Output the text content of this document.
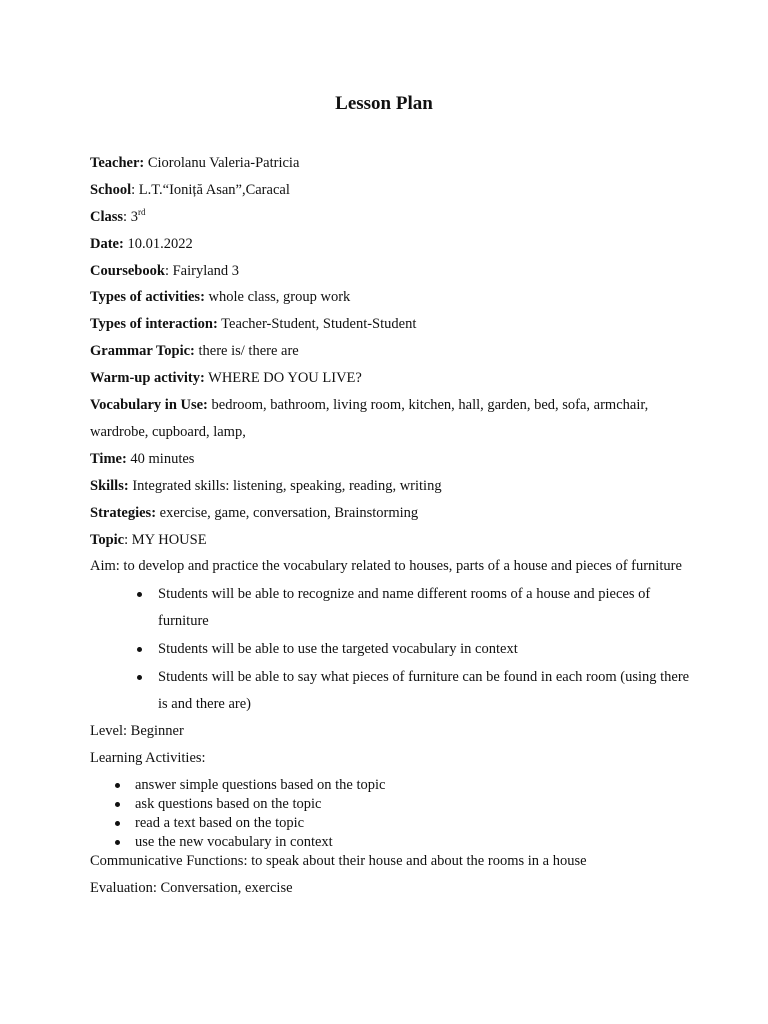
Lesson Plan
Teacher: Ciorolanu Valeria-Patricia
School: L.T.“Ioniță Asan”,Caracal
Class: 3rd
Date: 10.01.2022
Coursebook: Fairyland 3
Types of activities: whole class, group work
Types of interaction: Teacher-Student, Student-Student
Grammar Topic: there is/ there are
Warm-up activity: WHERE DO YOU LIVE?
Vocabulary in Use: bedroom, bathroom, living room, kitchen, hall, garden, bed, sofa, armchair, wardrobe, cupboard, lamp,
Time: 40 minutes
Skills: Integrated skills: listening, speaking, reading, writing
Strategies: exercise, game, conversation, Brainstorming
Topic: MY HOUSE
Aim: to develop and practice the vocabulary related to houses, parts of a house and pieces of furniture
Students will be able to recognize and name different rooms of a house and pieces of furniture
Students will be able to use the targeted vocabulary in context
Students will be able to say what pieces of furniture can be found in each room (using there is and there are)
Level: Beginner
Learning Activities:
answer simple questions based on the topic
ask questions based on the topic
read a text based on the topic
use the new vocabulary in context
Communicative Functions: to speak about their house and about the rooms in a house
Evaluation: Conversation, exercise
